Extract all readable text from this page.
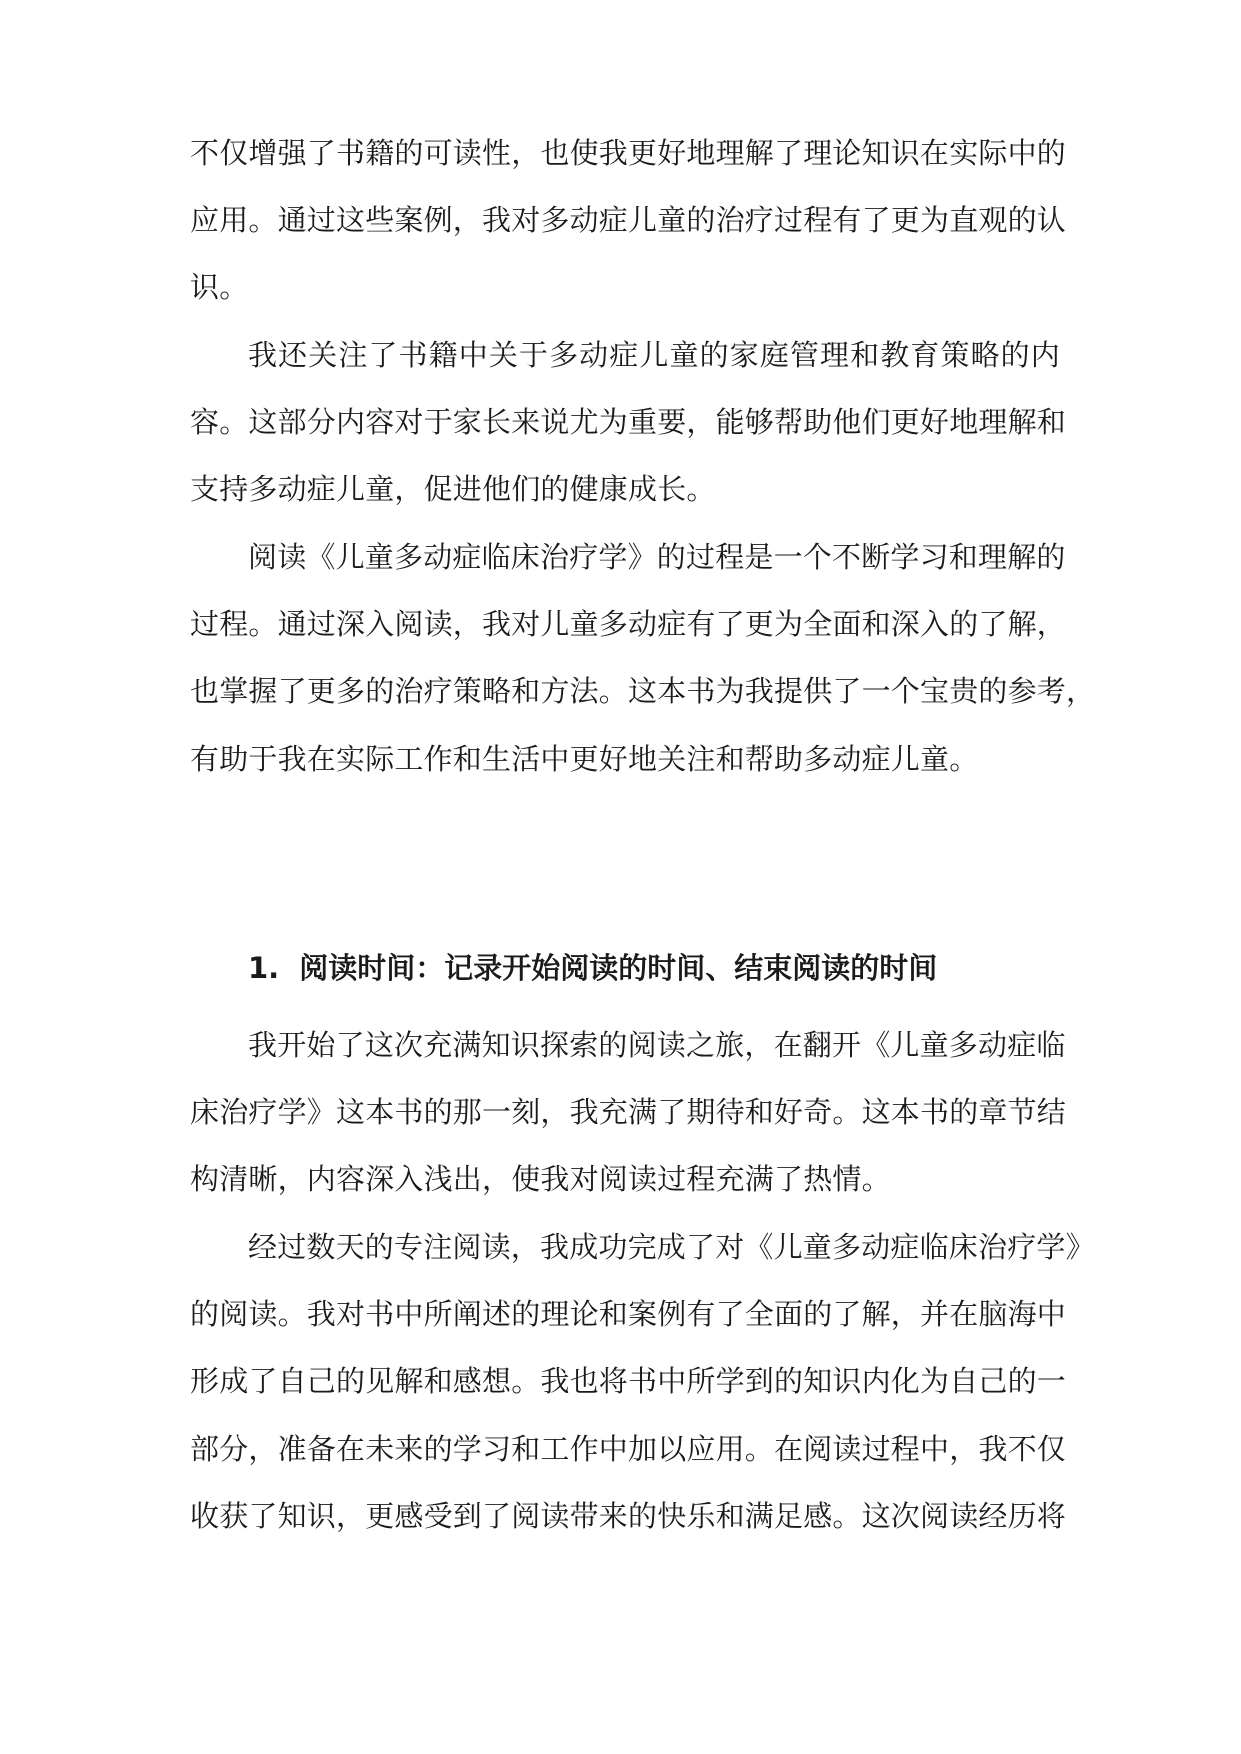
不仅增强了书籍的可读性，也使我更好地理解了理论知识在实际中的
应用。通过这些案例，我对多动症儿童的治疗过程有了更为直观的认
识。
我还关注了书籍中关于多动症儿童的家庭管理和教育策略的内
容。这部分内容对于家长来说尤为重要，能够帮助他们更好地理解和
支持多动症儿童，促进他们的健康成长。
阅读《儿童多动症临床治疗学》的过程是一个不断学习和理解的
过程。通过深入阅读，我对儿童多动症有了更为全面和深入的了解，
也掌握了更多的治疗策略和方法。这本书为我提供了一个宝贵的参考，
有助于我在实际工作和生活中更好地关注和帮助多动症儿童。
1. 阅读时间：记录开始阅读的时间、结束阅读的时间
我开始了这次充满知识探索的阅读之旅，在翻开《儿童多动症临
床治疗学》这本书的那一刻，我充满了期待和好奇。这本书的章节结
构清晰，内容深入浅出，使我对阅读过程充满了热情。
经过数天的专注阅读，我成功完成了对《儿童多动症临床治疗学》
的阅读。我对书中所阐述的理论和案例有了全面的了解，并在脑海中
形成了自己的见解和感想。我也将书中所学到的知识内化为自己的一
部分，准备在未来的学习和工作中加以应用。在阅读过程中，我不仅
收获了知识，更感受到了阅读带来的快乐和满足感。这次阅读经历将
